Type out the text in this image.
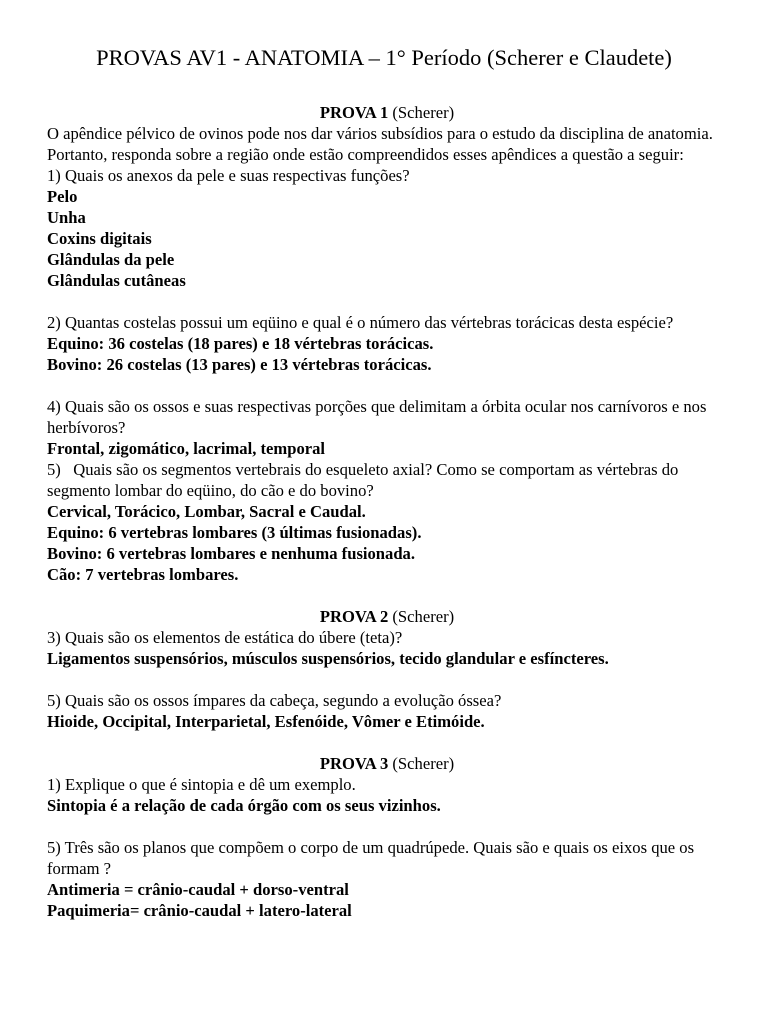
PROVAS AV1 - ANATOMIA – 1° Período (Scherer e Claudete)

PROVA 1 (Scherer)

O apêndice pélvico de ovinos pode nos dar vários subsídios para o estudo da disciplina de anatomia. Portanto, responda sobre a região onde estão compreendidos esses apêndices a questão a seguir:

1) Quais os anexos da pele e suas respectivas funções?

Pelo

Unha

Coxins digitais

Glândulas da pele

Glândulas cutâneas

2) Quantas costelas possui um eqüino e qual é o número das vértebras torácicas desta espécie?

Equino: 36 costelas (18 pares) e 18 vértebras torácicas.

Bovino: 26 costelas (13 pares) e 13 vértebras torácicas.

4) Quais são os ossos e suas respectivas porções que delimitam a órbita ocular nos carnívoros e nos herbívoros?

Frontal, zigomático, lacrimal, temporal

5)   Quais são os segmentos vertebrais do esqueleto axial? Como se comportam as vértebras do segmento lombar do eqüino, do cão e do bovino?

Cervical, Torácico, Lombar, Sacral e Caudal.

Equino: 6 vertebras lombares (3 últimas fusionadas).

Bovino: 6 vertebras lombares e nenhuma fusionada.

Cão: 7 vertebras lombares.

PROVA 2 (Scherer)

3) Quais são os elementos de estática do úbere (teta)?

Ligamentos suspensórios, músculos suspensórios, tecido glandular e esfíncteres.

5) Quais são os ossos ímpares da cabeça, segundo a evolução óssea?

Hioide, Occipital, Interparietal, Esfenóide, Vômer e Etimóide.

PROVA 3 (Scherer)

1) Explique o que é sintopia e dê um exemplo.

Sintopia é a relação de cada órgão com os seus vizinhos.

5) Três são os planos que compõem o corpo de um quadrúpede. Quais são e quais os eixos que os formam ?

Antimeria = crânio-caudal + dorso-ventral

Paquimeria= crânio-caudal + latero-lateral
